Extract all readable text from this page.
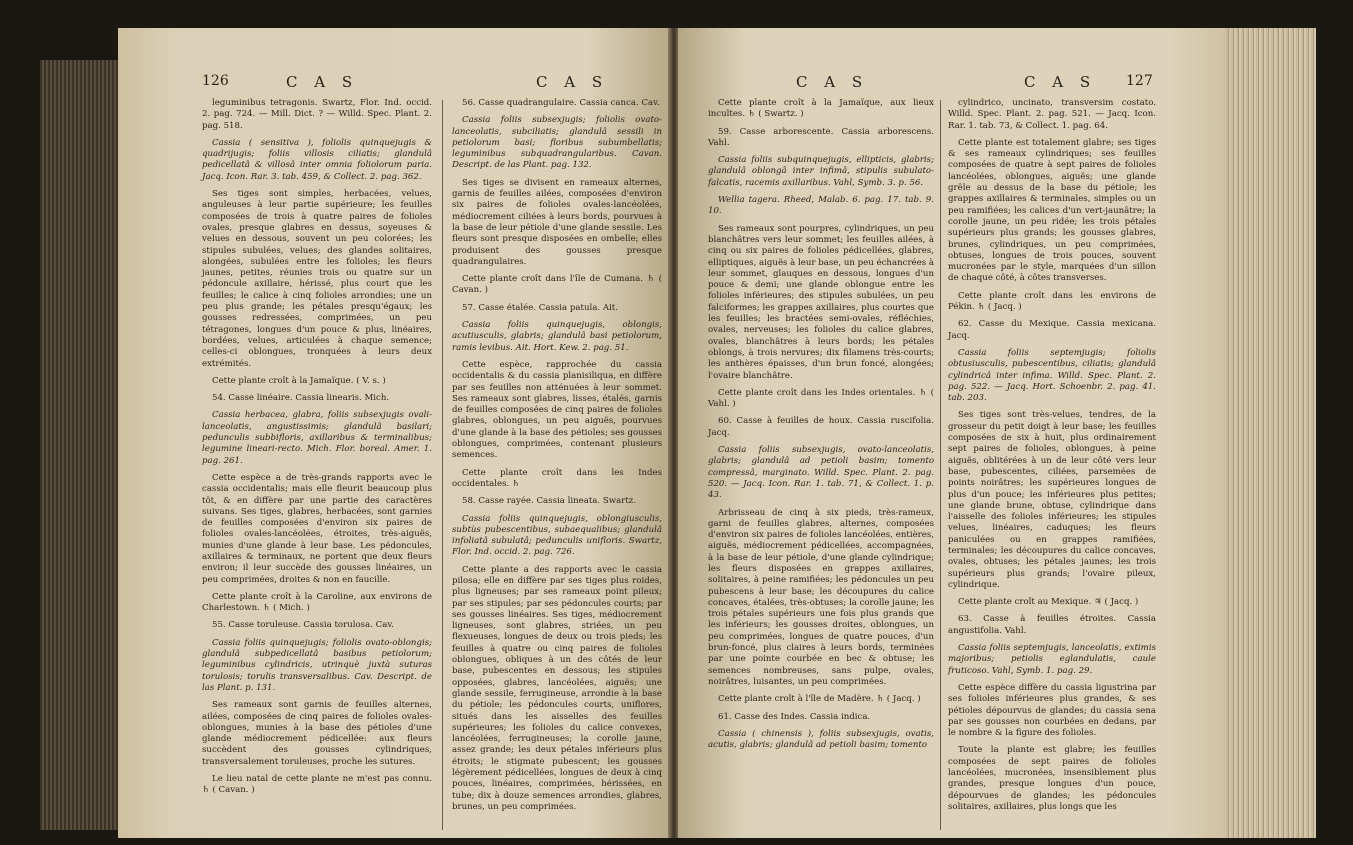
126	C A S	C A S

leguminibus tetragonis. Swartz, Flor. Ind. occid. 2. pag. 724. — Mill. Dict. ? — Willd. Spec. Plant. 2. pag. 518.

Cassia ( sensitiva ), foliolis quinquejugis & quadrijugis; foliis villosis ciliatis; glandulâ pedicellatâ & villosâ inter omnia foliolorum paria. Jacq. Icon. Rar. 3. tab. 459, & Collect. 2. pag. 362.

Ses tiges sont simples, herbacées, velues, anguleuses à leur partie supérieure; les feuilles composées de trois à quatre paires de folioles ovales, presque glabres en dessus, soyeuses & velues en dessous, souvent un peu colorées; les stipules subulées, velues; des glandes solitaires, alongées, subulées entre les folioles; les fleurs jaunes, petites, réunies trois ou quatre sur un pédoncule axillaire, hérissé, plus court que les feuilles; le calice à cinq folioles arrondies; une un peu plus grande; les pétales presqu'égaux; les gousses redressées, comprimées, un peu tétragones, longues d'un pouce & plus, linéaires, bordées, velues, articulées à chaque semence; celles-ci oblongues, tronquées à leurs deux extrémités.

Cette plante croît à la Jamaïque. ( V. s. )

54. Casse linéaire. Cassia linearis. Mich.

Cassia herbacea, glabra, foliis subsexjugis ovali-lanceolatis, angustissimis; glandulâ basilari; pedunculis subbifloris, axillaribus & terminalibus; legumine lineari-recto. Mich. Flor. boreal. Amer. 1. pag. 261.

Cette espèce a de très-grands rapports avec le cassia occidentalis; mais elle fleurit beaucoup plus tôt, & en diffère par une partie des caractères suivans. Ses tiges, glabres, herbacées, sont garnies de feuilles composées d'environ six paires de folioles ovales-lancéolées, étroites, très-aiguës, munies d'une glande à leur base. Les pédoncules, axillaires & terminaux, ne portent que deux fleurs environ; il leur succède des gousses linéaires, un peu comprimées, droites & non en faucille.

Cette plante croît à la Caroline, aux environs de Charlestown. ♄ ( Mich. )

55. Casse toruleuse. Cassia torulosa. Cav.

Cassia foliis quinquejugis; foliolis ovato-oblongis; glandulâ subpedicellatâ basibus petiolorum; leguminibus cylindricis, utrinquè juxtà suturas torulosis; torulis transversalibus. Cav. Descript. de las Plant. p. 131.

Ses rameaux sont garnis de feuilles alternes, ailées, composées de cinq paires de folioles ovales-oblongues, munies à la base des pétioles d'une glande médiocrement pédicellée: aux fleurs succèdent des gousses cylindriques, transversalement toruleuses, proche les sutures.

Le lieu natal de cette plante ne m'est pas connu. ♄ ( Cavan. )

56. Casse quadrangulaire. Cassia canca. Cav.

Cassia foliis subsexjugis; foliolis ovato-lanceolatis, subciliatis; glandulâ sessili in petiolorum basi; floribus subumbellatis; leguminibus subquadrangularibus. Cavan. Descript. de las Plant. pag. 132.

Ses tiges se divisent en rameaux alternes, garnis de feuilles ailées, composées d'environ six paires de folioles ovales-lancéolées, médiocrement ciliées à leurs bords, pourvues à la base de leur pétiole d'une glande sessile. Les fleurs sont presque disposées en ombelle; elles produisent des gousses presque quadrangulaires.

Cette plante croît dans l'île de Cumana. ♄ ( Cavan. )

57. Casse étalée. Cassia patula. Ait.

Cassia foliis quinquejugis, oblongis, acutiusculis, glabris; glandulâ basi petiolorum, ramis levibus. Ait. Hort. Kew. 2. pag. 51.

Cette espèce, rapprochée du cassia occidentalis & du cassia planisiliqua, en diffère par ses feuilles non atténuées à leur sommet. Ses rameaux sont glabres, lisses, étalés, garnis de feuilles composées de cinq paires de folioles glabres, oblongues, un peu aiguës, pourvues d'une glande à la base des pétioles; ses gousses oblongues, comprimées, contenant plusieurs semences.

Cette plante croît dans les Indes occidentales. ♄

58. Casse rayée. Cassia lineata. Swartz.

Cassia foliis quinquejugis, oblongiusculis, subtùs pubescentibus, subaequalibus; glandulâ infoliatâ subulatâ; pedunculis unifloris. Swartz, Flor. Ind. occid. 2. pag. 726.

Cette plante a des rapports avec le cassia pilosa; elle en diffère par ses tiges plus roides, plus ligneuses; par ses rameaux point pileux; par ses stipules; par ses pédoncules courts; par ses gousses linéaires. Ses tiges, médiocrement ligneuses, sont glabres, striées, un peu flexueuses, longues de deux ou trois pieds; les feuilles à quatre ou cinq paires de folioles oblongues, obliques à un des côtés de leur base, pubescentes en dessous; les stipules opposées, glabres, lancéolées, aiguës; une glande sessile, ferrugineuse, arrondie à la base du pétiole; les pédoncules courts, uniflores, situés dans les aisselles des feuilles supérieures; les folioles du calice convexes, lancéolées, ferrugineuses; la corolle jaune, assez grande; les deux pétales inférieurs plus étroits; le stigmate pubescent; les gousses légèrement pédicellées, longues de deux à cinq pouces, linéaires, comprimées, hérissées, en tube; dix à douze semences arrondies, glabres, brunes, un peu comprimées.

C A S	C A S 127

Cette plante croît à la Jamaïque, aux lieux incultes. ♄ ( Swartz. )

59. Casse arborescente. Cassia arborescens. Vahl.

Cassia foliis subquinquejugis, ellipticis, glabris; glandulâ oblongâ inter infimâ, stipulis subulato-falcatis, racemis axillaribus. Vahl, Symb. 3. p. 56.

Wellia tagera. Rheed, Malab. 6. pag. 17. tab. 9. 10.

Ses rameaux sont pourpres, cylindriques, un peu blanchâtres vers leur sommet; les feuilles ailées, à cinq ou six paires de folioles pédicellées, glabres, elliptiques, aiguës à leur base, un peu échancrées à leur sommet, glauques en dessous, longues d'un pouce & demi; une glande oblongue entre les folioles inférieures; des stipules subulées, un peu falciformes; les grappes axillaires, plus courtes que les feuilles; les bractées semi-ovales, réfléchies, ovales, nerveuses; les folioles du calice glabres, ovales, blanchâtres à leurs bords; les pétales oblongs, à trois nervures; dix filamens très-courts; les anthères épaisses, d'un brun foncé, alongées; l'ovaire blanchâtre.

Cette plante croît dans les Indes orientales. ♄ ( Vahl. )

60. Casse à feuilles de houx. Cassia ruscifolia. Jacq.

Cassia foliis subsexjugis, ovato-lanceolatis, glabris; glandulâ ad petioli basim; tomento compressâ, marginato. Willd. Spec. Plant. 2. pag. 520. — Jacq. Icon. Rar. 1. tab. 71, & Collect. 1. p. 43.

Arbrisseau de cinq à six pieds, très-rameux, garni de feuilles glabres, alternes, composées d'environ six paires de folioles lancéolées, entières, aiguës, médiocrement pédicellées, accompagnées, à la base de leur pétiole, d'une glande cylindrique; les fleurs disposées en grappes axillaires, solitaires, à peine ramifiées; les pédoncules un peu pubescens à leur base; les découpures du calice concaves, étalées, très-obtuses; la corolle jaune; les trois pétales supérieurs une fois plus grands que les inférieurs; les gousses droites, oblongues, un peu comprimées, longues de quatre pouces, d'un brun-foncé, plus claires à leurs bords, terminées par une pointe courbée en bec & obtuse; les semences nombreuses, sans pulpe, ovales, noirâtres, luisantes, un peu comprimées.

Cette plante croît à l'île de Madère. ♄ ( Jacq. )

61. Casse des Indes. Cassia indica.

Cassia ( chinensis ), foliis subsexjugis, ovatis, acutis, glabris; glandulâ ad petioli basim; tomento

cylindrico, uncinato, transversim costato. Willd. Spec. Plant. 2. pag. 521. — Jacq. Icon. Rar. 1. tab. 73, & Collect. 1. pag. 64.

Cette plante est totalement glabre; ses tiges & ses rameaux cylindriques; ses feuilles composées de quatre à sept paires de folioles lancéolées, oblongues, aiguës; une glande grêle au dessus de la base du pétiole; les grappes axillaires & terminales, simples ou un peu ramifiées; les calices d'un vert-jaunâtre; la corolle jaune, un peu ridée; les trois pétales supérieurs plus grands; les gousses glabres, brunes, cylindriques, un peu comprimées, obtuses, longues de trois pouces, souvent mucronées par le style, marquées d'un sillon de chaque côté, à côtes transverses.

Cette plante croît dans les environs de Pékin. ♄ ( Jacq. )

62. Casse du Mexique. Cassia mexicana. Jacq.

Cassia foliis septemjugis; foliolis obtusiusculis, pubescentibus, ciliatis; glandulâ cylindricâ inter infima. Willd. Spec. Plant. 2. pag. 522. — Jacq. Hort. Schoenbr. 2. pag. 41. tab. 203.

Ses tiges sont très-velues, tendres, de la grosseur du petit doigt à leur base; les feuilles composées de six à huit, plus ordinairement sept paires de folioles, oblongues, à peine aiguës, oblitérées à un de leur côté vers leur base, pubescentes, ciliées, parsemées de points noirâtres; les supérieures longues de plus d'un pouce; les inférieures plus petites; une glande brune, obtuse, cylindrique dans l'aisselle des folioles inférieures; les stipules velues, linéaires, caduques; les fleurs paniculées ou en grappes ramifiées, terminales; les découpures du calice concaves, ovales, obtuses; les pétales jaunes; les trois supérieurs plus grands; l'ovaire pileux, cylindrique.

Cette plante croît au Mexique. ♃ ( Jacq. )

63. Casse à feuilles étroites. Cassia angustifolia. Vahl.

Cassia foliis septemjugis, lanceolatis, extimis majoribus; petiolis eglandulatis, caule fruticoso. Vahl, Symb. 1. pag. 29.

Cette espèce diffère du cassia ligustrina par ses folioles inférieures plus grandes, & ses pétioles dépourvus de glandes; du cassia sena par ses gousses non courbées en dedans, par le nombre & la figure des folioles.

Toute la plante est glabre; les feuilles composées de sept paires de folioles lancéolées, mucronées, insensiblement plus grandes, presque longues d'un pouce, dépourvues de glandes; les pédoncules solitaires, axillaires, plus longs que les
